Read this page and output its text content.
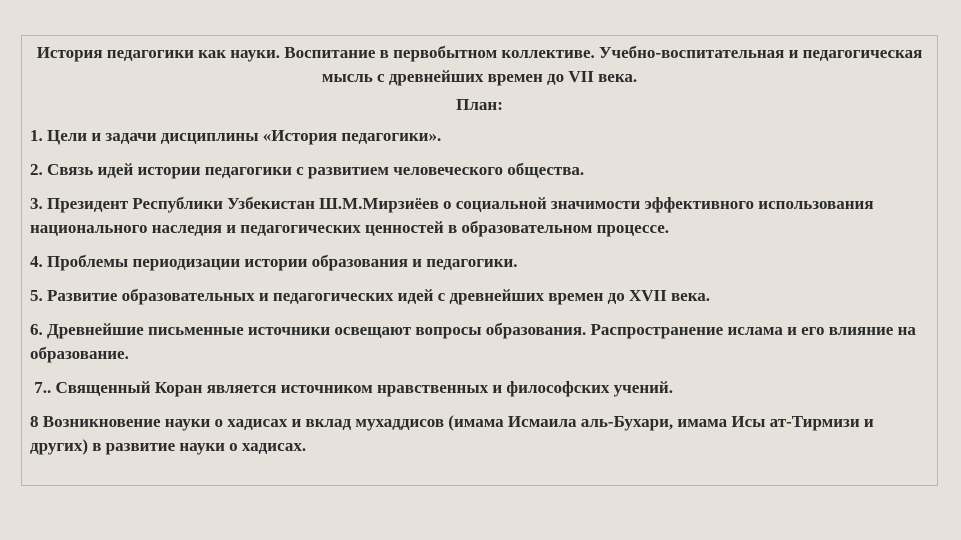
История педагогики как науки. Воспитание в первобытном коллективе. Учебно-воспитательная и педагогическая мысль с древнейших времен до VII века.
План:
1. Цели и задачи дисциплины «История педагогики».
2. Связь идей истории педагогики с развитием человеческого общества.
3. Президент Республики Узбекистан Ш.М.Мирзиёев о социальной значимости эффективного использования национального наследия и педагогических ценностей в образовательном процессе.
4. Проблемы периодизации истории образования и педагогики.
5. Развитие образовательных и педагогических идей с древнейших времен до XVII века.
6. Древнейшие письменные источники освещают вопросы образования. Распространение ислама и его влияние на образование.
7.. Священный Коран является источником нравственных и философских учений.
8 Возникновение науки о хадисах и вклад мухаддисов (имама Исмаила аль-Бухари, имама Исы ат-Тирмизи и других) в развитие науки о хадисах.
